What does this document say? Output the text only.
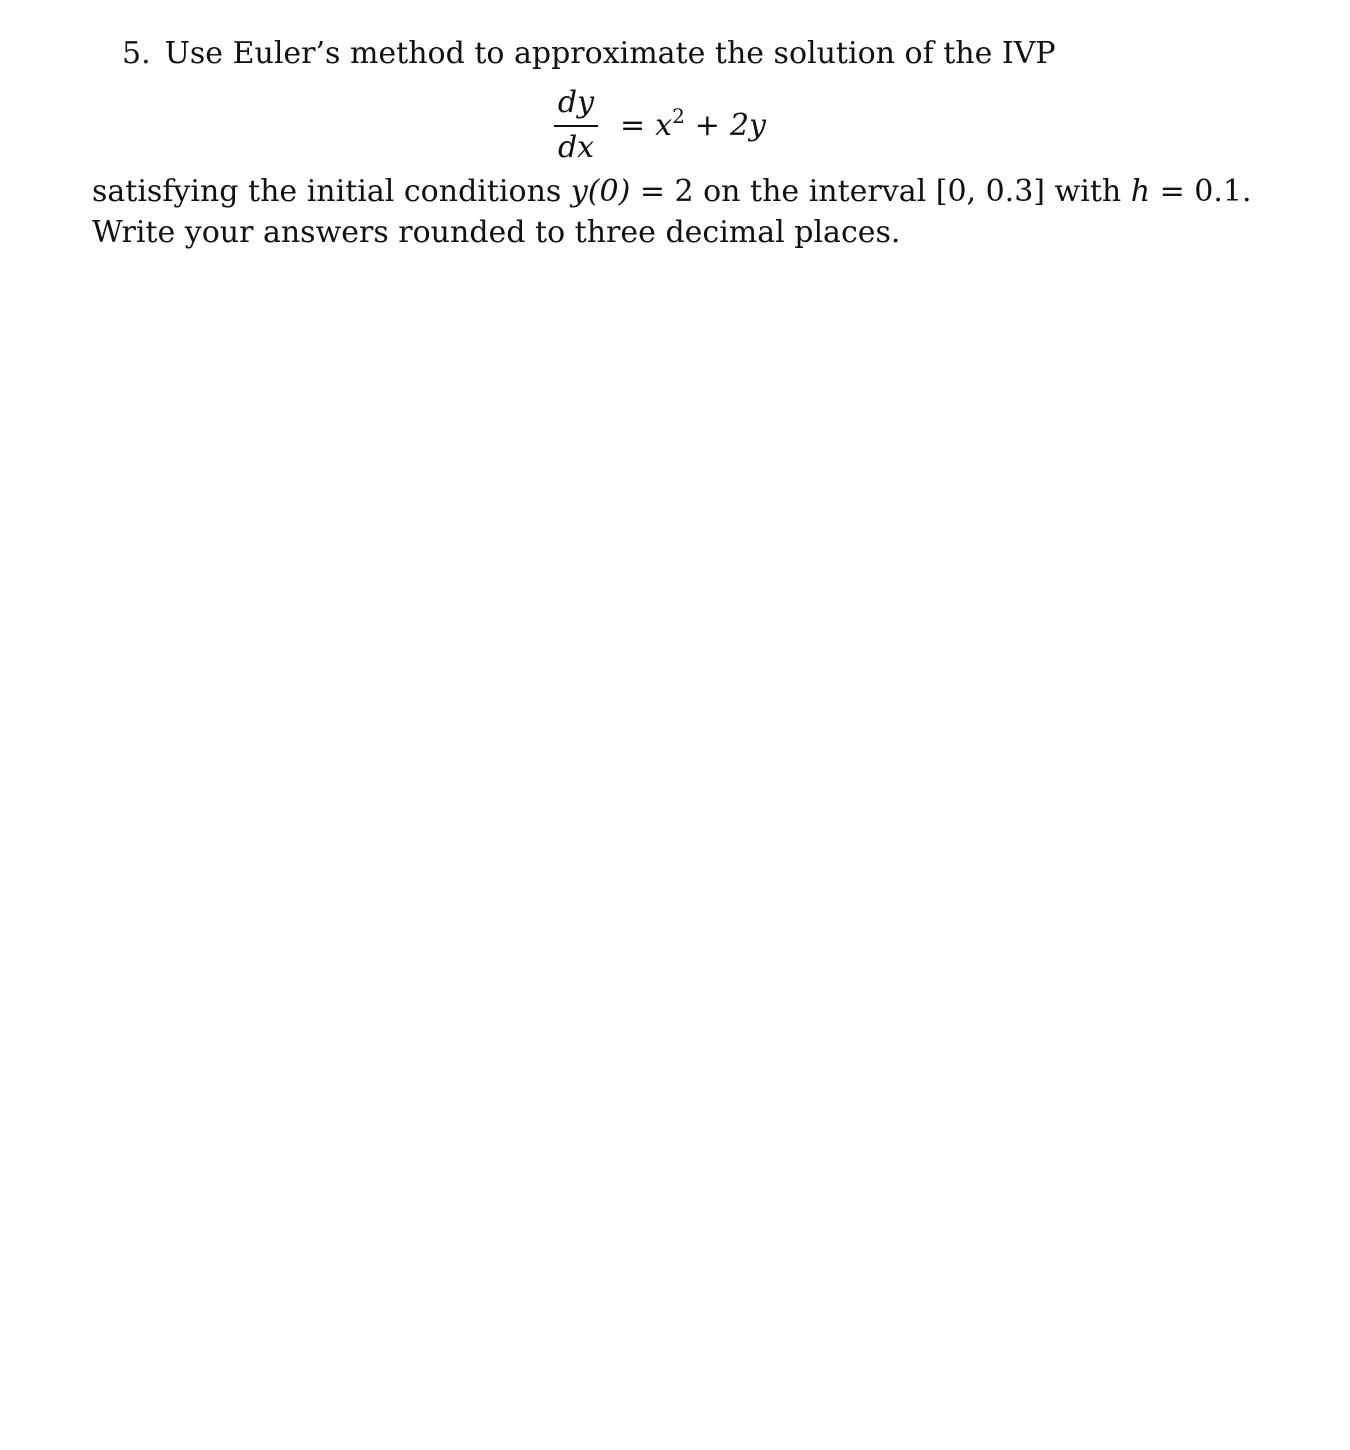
5. Use Euler’s method to approximate the solution of the IVP
dy
dx
= $x^2 + 2y$
satisfying the initial conditions y(0) = 2 on the interval [0, 0.3] with h = 0.1.
Write your answers rounded to three decimal places.
